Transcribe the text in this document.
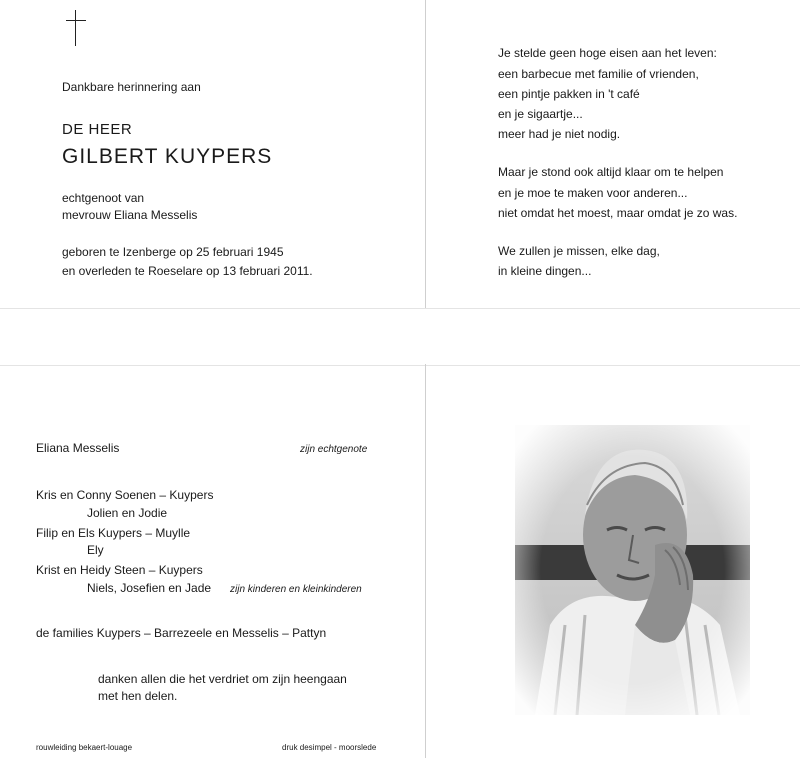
Dankbare herinnering aan
DE HEER
GILBERT KUYPERS
echtgenoot van
mevrouw Eliana Messelis
geboren te Izenberge op 25 februari 1945
en overleden te Roeselare op 13 februari 2011.
Je stelde geen hoge eisen aan het leven:
een barbecue met familie of vrienden,
een pintje pakken in 't café
en je sigaartje...
meer had je niet nodig.
Maar je stond ook altijd klaar om te helpen
en je moe te maken voor anderen...
niet omdat het moest, maar omdat je zo was.
We zullen je missen, elke dag,
in kleine dingen...
Eliana Messelis	zijn echtgenote
Kris en Conny Soenen – Kuypers
Jolien en Jodie
Filip en Els Kuypers – Muylle
Ely
Krist en Heidy Steen – Kuypers
Niels, Josefien en Jade zijn kinderen en kleinkinderen
de families Kuypers – Barrezeele en Messelis – Pattyn
danken allen die het verdriet om zijn heengaan
met hen delen.
rouwleiding bekaert-louage	druk desimpel - moorslede
